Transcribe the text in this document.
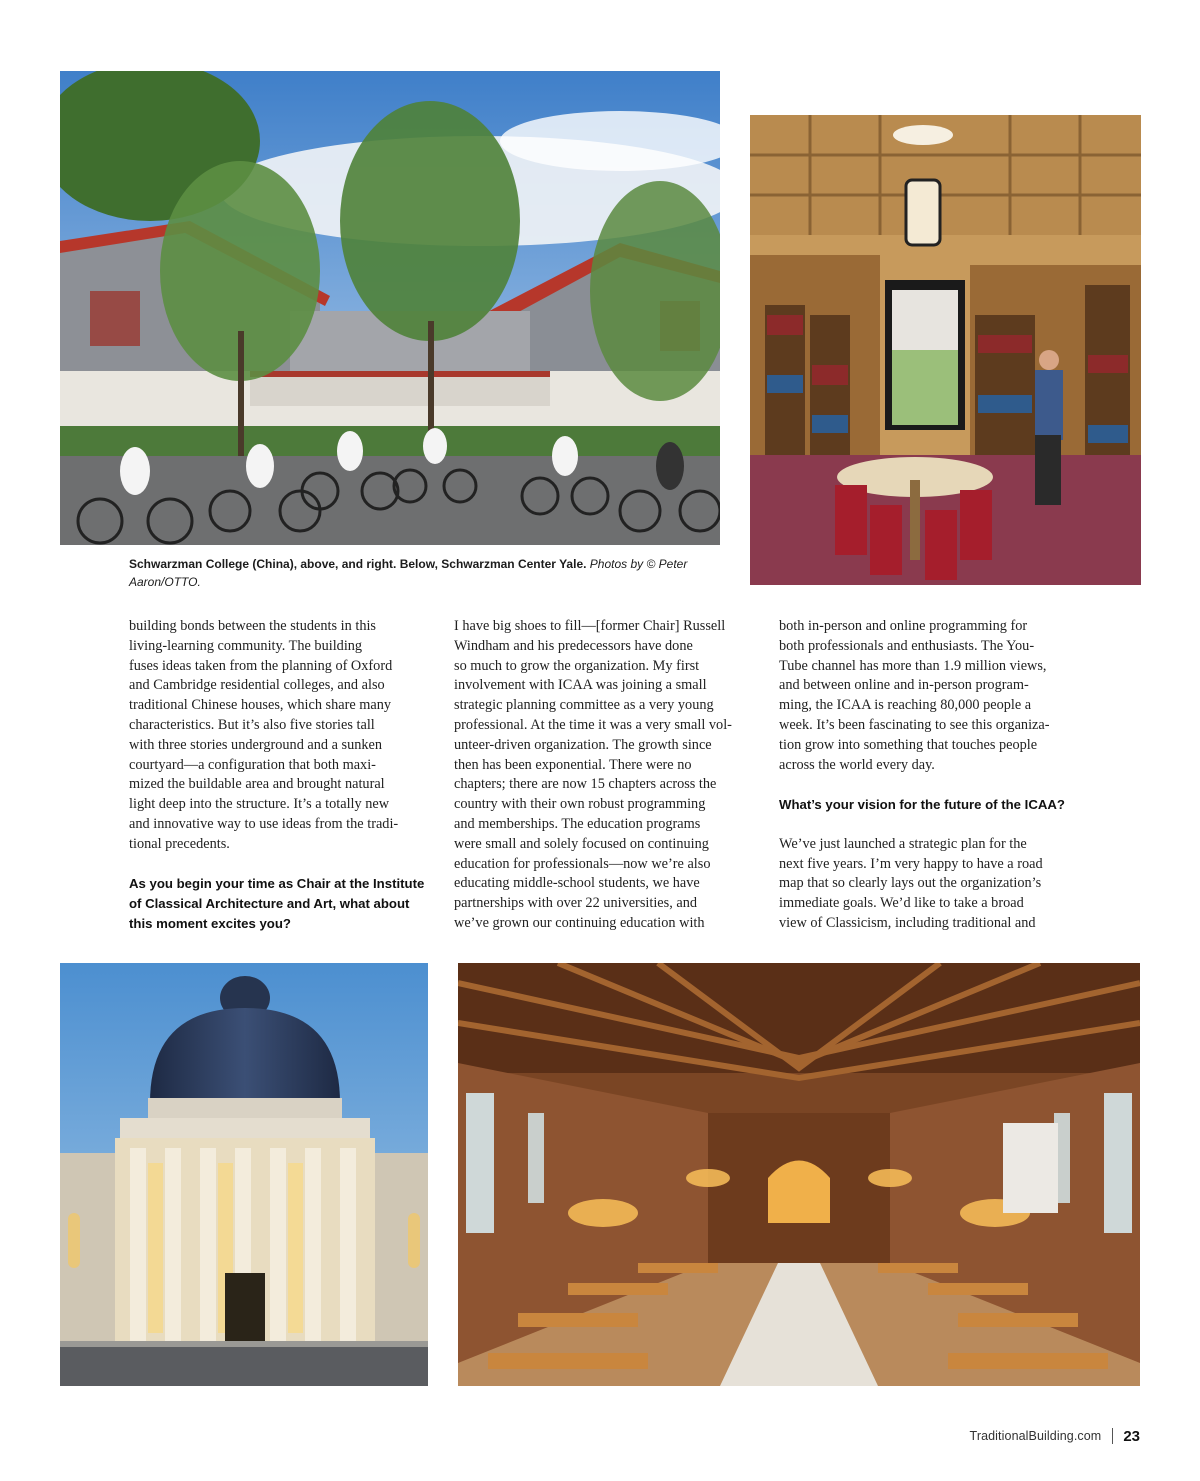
Schwarzman College (China), above, and right. Below, Schwarzman Center Yale. Photos by © Peter
Aaron/OTTO.

building bonds between the students in this
living-learning community. The building
fuses ideas taken from the planning of Oxford
and Cambridge residential colleges, and also
traditional Chinese houses, which share many
characteristics. But it’s also five stories tall
with three stories underground and a sunken
courtyard—a configuration that both maxi-
mized the buildable area and brought natural
light deep into the structure. It’s a totally new
and innovative way to use ideas from the tradi-
tional precedents.

As you begin your time as Chair at the Institute
of Classical Architecture and Art, what about
this moment excites you?

I have big shoes to fill—[former Chair] Russell
Windham and his predecessors have done
so much to grow the organization. My first
involvement with ICAA was joining a small
strategic planning committee as a very young
professional. At the time it was a very small vol-
unteer-driven organization. The growth since
then has been exponential. There were no
chapters; there are now 15 chapters across the
country with their own robust programming
and memberships. The education programs
were small and solely focused on continuing
education for professionals—now we’re also
educating middle-school students, we have
partnerships with over 22 universities, and
we’ve grown our continuing education with

both in-person and online programming for
both professionals and enthusiasts. The You-
Tube channel has more than 1.9 million views,
and between online and in-person program-
ming, the ICAA is reaching 80,000 people a
week. It’s been fascinating to see this organiza-
tion grow into something that touches people
across the world every day.

What’s your vision for the future of the ICAA?

We’ve just launched a strategic plan for the
next five years. I’m very happy to have a road
map that so clearly lays out the organization’s
immediate goals. We’d like to take a broad
view of Classicism, including traditional and

TraditionalBuilding.com 23
